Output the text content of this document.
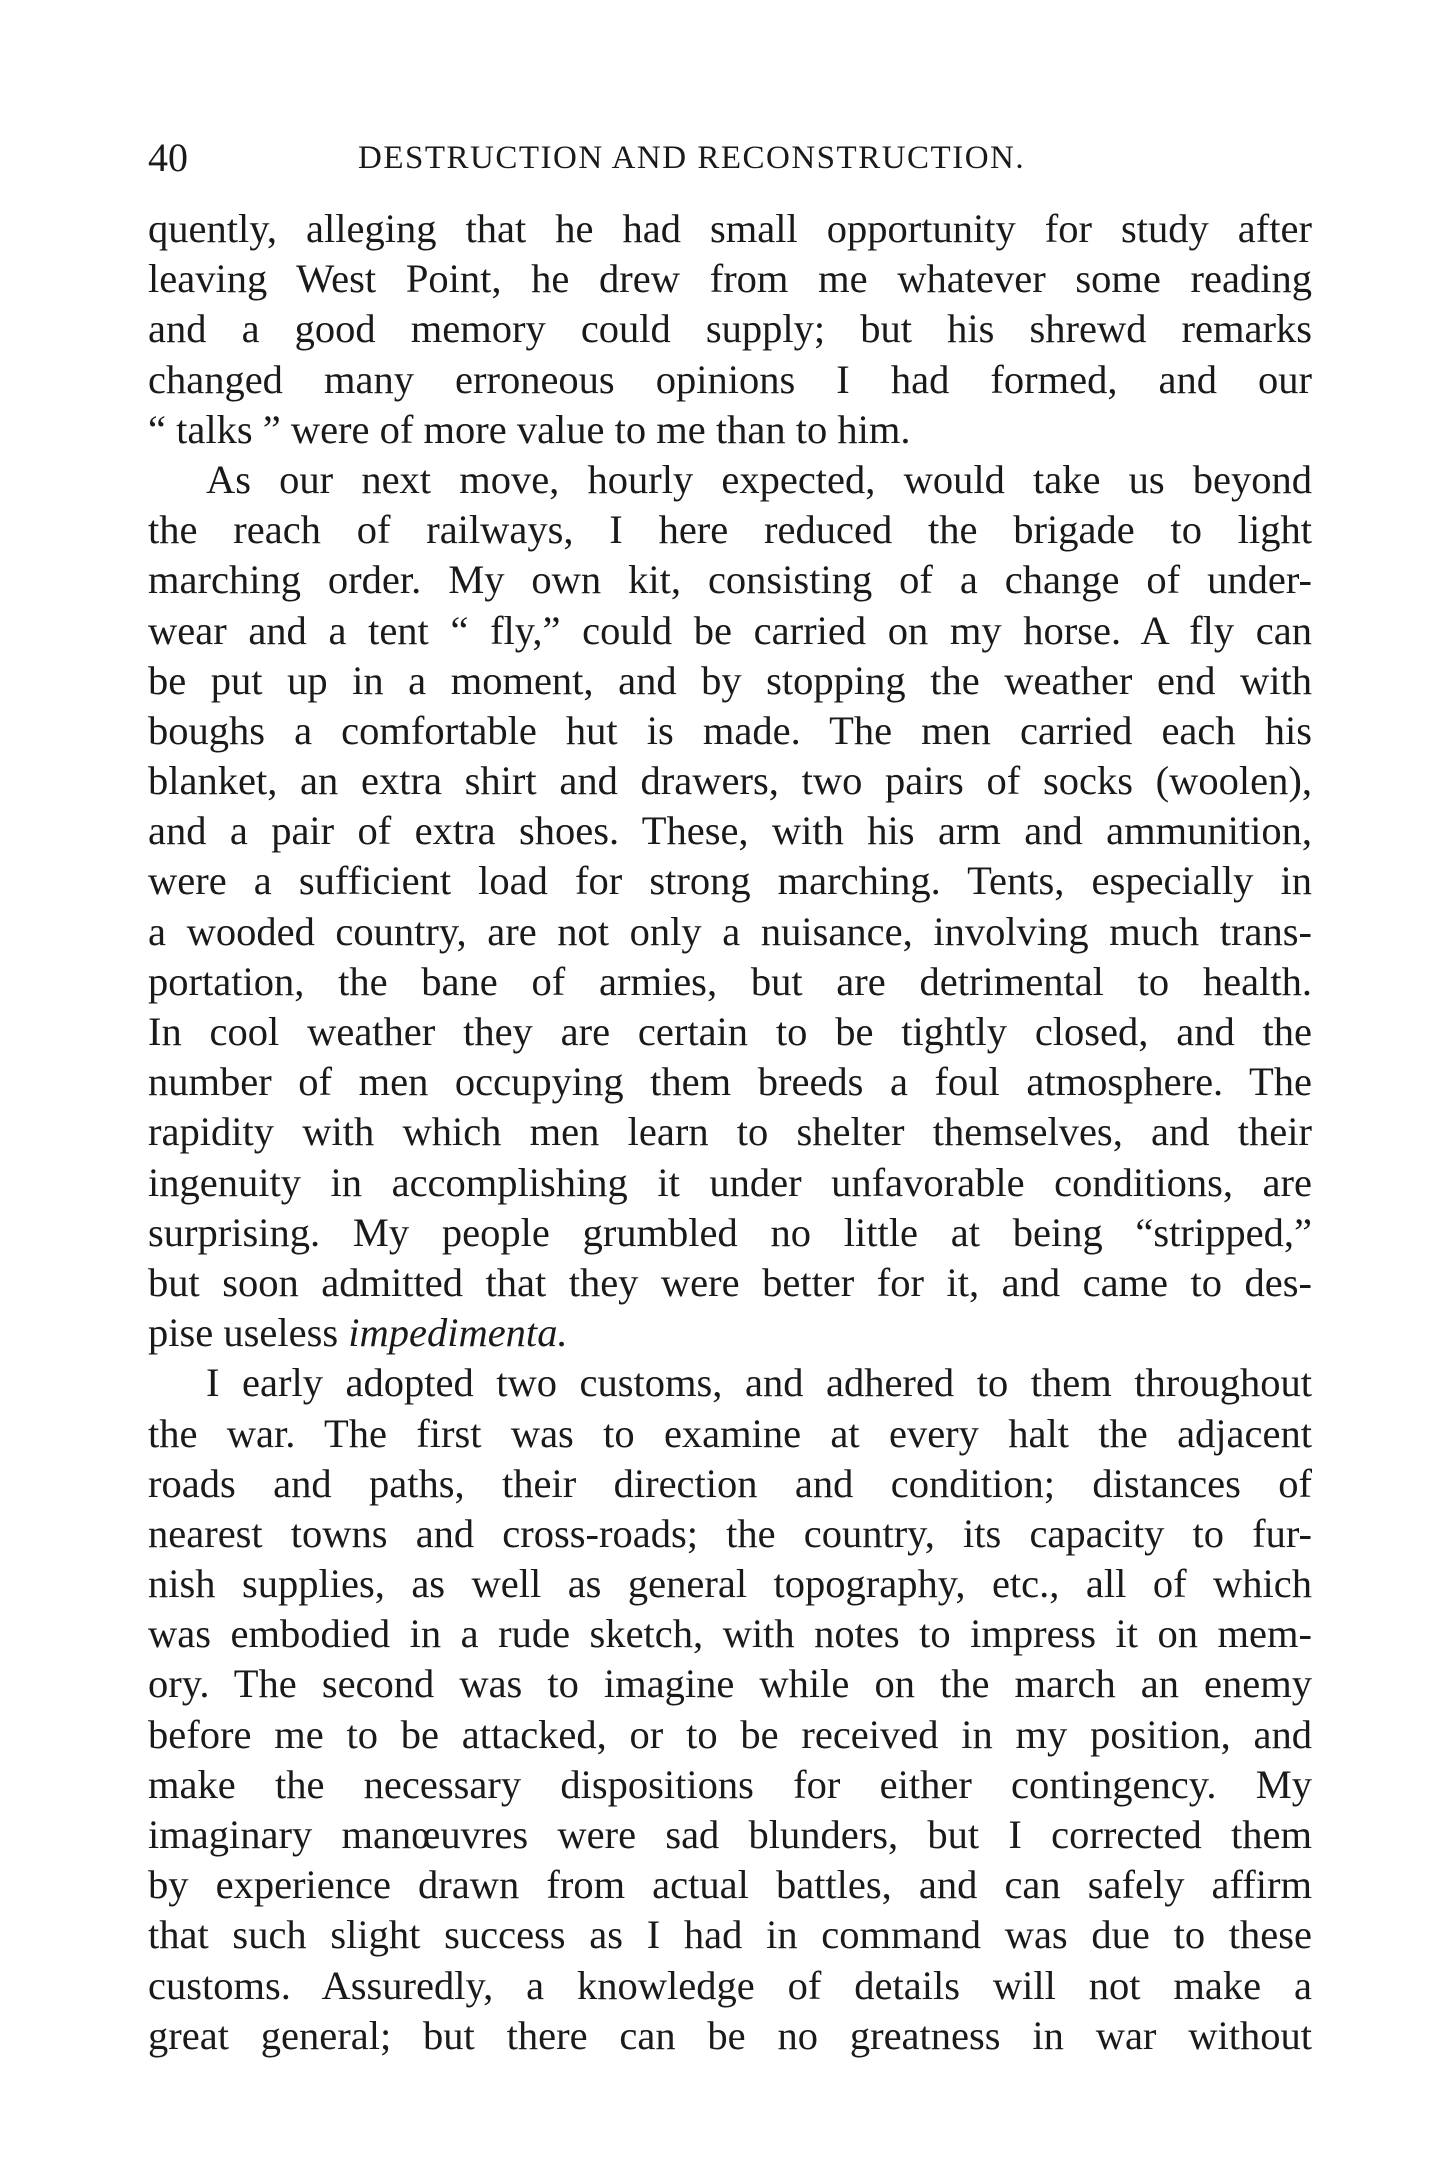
40	DESTRUCTION AND RECONSTRUCTION.
quently, alleging that he had small opportunity for study after
leaving West Point, he drew from me whatever some reading
and a good memory could supply; but his shrewd remarks
changed many erroneous opinions I had formed, and our
“ talks ” were of more value to me than to him.
As our next move, hourly expected, would take us beyond
the reach of railways, I here reduced the brigade to light
marching order. My own kit, consisting of a change of under-
wear and a tent “ fly,” could be carried on my horse. A fly can
be put up in a moment, and by stopping the weather end with
boughs a comfortable hut is made. The men carried each his
blanket, an extra shirt and drawers, two pairs of socks (woolen),
and a pair of extra shoes. These, with his arm and ammunition,
were a sufficient load for strong marching. Tents, especially in
a wooded country, are not only a nuisance, involving much trans-
portation, the bane of armies, but are detrimental to health.
In cool weather they are certain to be tightly closed, and the
number of men occupying them breeds a foul atmosphere. The
rapidity with which men learn to shelter themselves, and their
ingenuity in accomplishing it under unfavorable conditions, are
surprising. My people grumbled no little at being “stripped,”
but soon admitted that they were better for it, and came to des-
pise useless impedimenta.
I early adopted two customs, and adhered to them throughout
the war. The first was to examine at every halt the adjacent
roads and paths, their direction and condition; distances of
nearest towns and cross-roads; the country, its capacity to fur-
nish supplies, as well as general topography, etc., all of which
was embodied in a rude sketch, with notes to impress it on mem-
ory. The second was to imagine while on the march an enemy
before me to be attacked, or to be received in my position, and
make the necessary dispositions for either contingency. My
imaginary manœuvres were sad blunders, but I corrected them
by experience drawn from actual battles, and can safely affirm
that such slight success as I had in command was due to these
customs. Assuredly, a knowledge of details will not make a
great general; but there can be no greatness in war without
